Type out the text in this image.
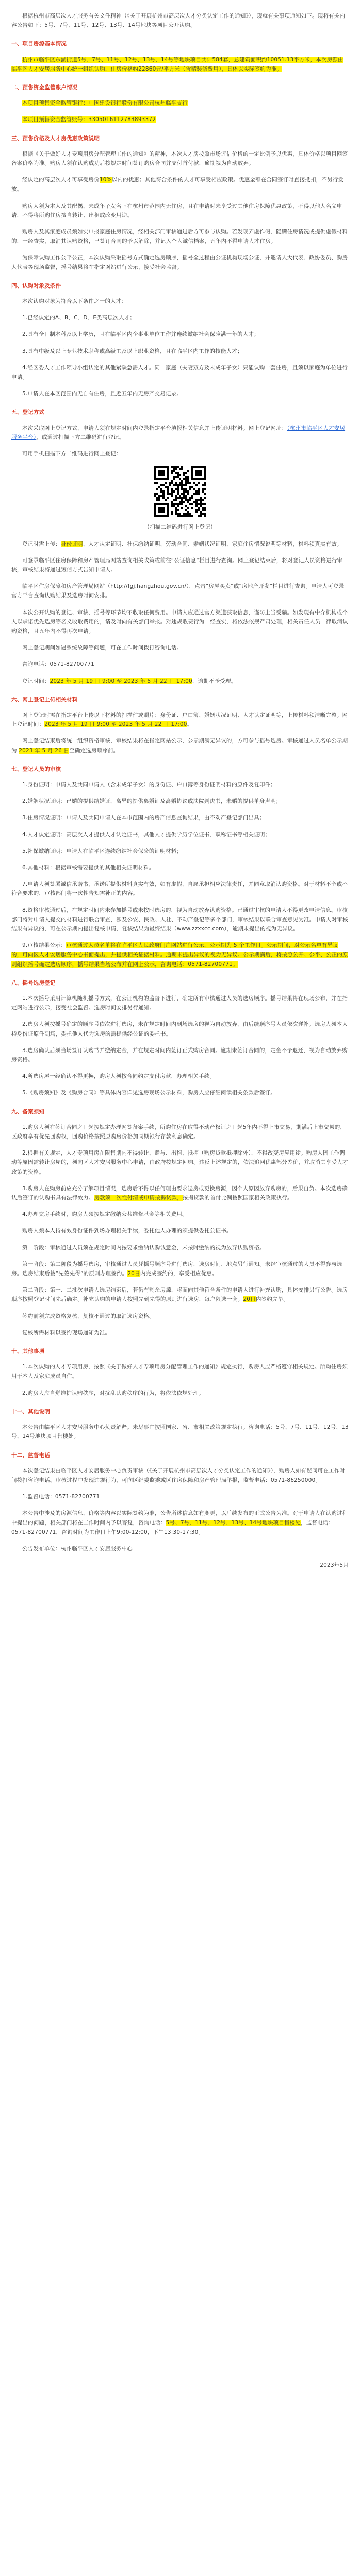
根据杭州市高层次人才服务有关文件精神（《关于开展杭州市高层次人才分类认定工作的通知》），现就有关事项通知如下。现将有关内容公告如下：5号、7号、11号、12号、13号、14号地块等项目公开认购。

一、项目房源基本情况

杭州市临平区东湖街道5号、7号、11号、12号、13号、14号等地块项目共计584套，总建筑面积约10051.13平方米，本次房源由临平区人才安居服务中心统一组织认购，住房价格约22860元/平方米（含精装修费用），具体以实际签约为准。

二、预售资金监管账户情况

本项目预售资金监管银行：中国建设银行股份有限公司杭州临平支行

本项目预售资金监管账号：3305016112783893372

三、预售价格及人才房优惠政策说明

根据《关于做好人才专项用房分配管理工作的通知》的精神，本次人才房按照市场评估价格的一定比例予以优惠，具体价格以项目网签备案价格为准。购房人须在认购成功后按规定时间签订购房合同并支付首付款，逾期视为自动放弃。

经认定的高层次人才可享受房价10%以内的优惠；其他符合条件的人才可享受相应政策。优惠金额在合同签订时直接抵扣，不另行发放。

购房人须为本人及其配偶、未成年子女名下在杭州市范围内无住房，且在申请时未享受过其他住房保障优惠政策，不得以他人名义申请，不得将所购住房擅自转让、出租或改变用途。

购房人及其家庭成员须如实申报家庭住房情况，经相关部门审核通过后方可参与认购。若发现弄虚作假、隐瞒住房情况或提供虚假材料的，一经查实，取消其认购资格，已签订合同的予以解除，并记入个人诚信档案，五年内不得申请人才住房。

为保障认购工作公平公正，本次认购采取摇号方式确定选房顺序，摇号全过程由公证机构现场公证，并邀请人大代表、政协委员、购房人代表等现场监督，摇号结果将在指定网站进行公示，接受社会监督。

四、认购对象及条件

本次认购对象为符合以下条件之一的人才：

1.已经认定的A、B、C、D、E类高层次人才；

2.具有全日制本科及以上学历，且在临平区内企事业单位工作并连续缴纳社会保险满一年的人才；

3.具有中级及以上专业技术职称或高级工及以上职业资格，且在临平区内工作的技能人才；

4.经区委人才工作领导小组认定的其他紧缺急需人才。同一家庭（夫妻双方及未成年子女）只能认购一套住房，且须以家庭为单位进行申请。

5.申请人在本区范围内无自有住房，且近五年内无房产交易记录。

五、登记方式

本次采取网上登记方式，申请人须在规定时间内登录指定平台填报相关信息并上传证明材料。网上登记网址：（杭州市临平区人才安居服务平台），或通过扫描下方二维码进行登记。

可用手机扫描下方二维码进行网上登记：

（扫描二维码进行网上登记）

登记时需上传：身份证明、人才认定证明、社保缴纳证明、劳动合同、婚姻状况证明、家庭住房情况说明等材料，材料须真实有效。

可登录临平区住房保障和房产管理局网站查询相关政策或前往“公证信息”栏目进行查询。网上登记结束后，将对登记人员资格进行审核，审核结果将通过短信方式告知申请人。

临平区住房保障和房产管理局网站（http://fgj.hangzhou.gov.cn/），点击“房屋买卖”或“房地产开发”栏目进行查询。申请人可登录官方平台查询认购结果及选房时间安排。

本次公开认购的登记、审核、摇号等环节均不收取任何费用。申请人应通过官方渠道获取信息，谨防上当受骗。如发现有中介机构或个人以承诺优先选房等名义收取费用的，请及时向有关部门举报。对违规收费行为一经查实，将依法依规严肃处理，相关责任人员一律取消认购资格，且五年内不得再次申请。

网上登记期间如遇系统故障等问题，可在工作时间拨打咨询电话。

咨询电话：0571-82700771

登记时间：2023 年 5 月 19 日 9:00 至 2023 年 5 月 22 日 17:00，逾期不予受理。

六、网上登记上传相关材料

网上登记时需在指定平台上传以下材料的扫描件或照片：身份证、户口簿、婚姻状况证明、人才认定证明等，上传材料须清晰完整。网上登记时间：2023 年 5 月 19 日 9:00 至 2023 年 5 月 22 日 17:00。

网上登记结束后将统一组织资格审核，审核结果将在指定网站公示，公示期满无异议的，方可参与摇号选房。审核通过人员名单公示期为 2023 年 5 月 26 日至确定选房顺序前。

七、登记人员的审核

1.身份证明：申请人及共同申请人（含未成年子女）的身份证、户口簿等身份证明材料的原件及复印件；

2.婚姻状况证明：已婚的提供结婚证，离异的提供离婚证及离婚协议或法院判决书，未婚的提供单身声明；

3.住房情况证明：申请人及共同申请人在本市范围内的房产信息查询结果，由不动产登记部门出具；

4.人才认定证明：高层次人才提供人才认定证书，其他人才提供学历学位证书、职称证书等相关证明；

5.社保缴纳证明：申请人在临平区连续缴纳社会保险的证明材料；

6.其他材料：根据审核需要提供的其他相关证明材料。

7.申请人须签署诚信承诺书，承诺所提供材料真实有效，如有虚假，自愿承担相应法律责任，并同意取消认购资格。对于材料不全或不符合要求的，审核部门将一次性告知需补正的内容。

8.资格审核通过后，在规定时间内未参加摇号或未按时选房的，视为自动放弃认购资格。已通过审核的申请人不得更改申请信息。审核部门将对申请人提交的材料进行联合审查，涉及公安、民政、人社、不动产登记等多个部门，审核结果以联合审查意见为准。申请人对审核结果有异议的，可在公示期内提出复核申请，复核结果为最终结果（www.zzxxcc.com），逾期未提出的视为无异议。

9.审核结果公示：审核通过人员名单将在临平区人民政府门户网站进行公示，公示期为 5 个工作日。公示期间，对公示名单有异议的，可向区人才安居服务中心书面提出，并提供相关证据材料。逾期未提出异议的视为无异议。公示期满后，将按照公开、公平、公正的原则组织摇号确定选房顺序，摇号结果当场公布并在网上公示，咨询电话：0571-82700771。

八、摇号选房登记

1.本次摇号采用计算机随机摇号方式，在公证机构的监督下进行，确定所有审核通过人员的选房顺序。摇号结果将在现场公布，并在指定网站进行公示，接受社会监督。选房时间安排另行通知。

2.选房人须按摇号确定的顺序号依次进行选房，未在规定时间内到场选房的视为自动放弃，由后续顺序号人员依次递补。选房人须本人持身份证原件到场，委托他人代为选房的需提供经公证的委托书。

3.选房确认后须当场签订认购书并缴纳定金，并在规定时间内签订正式购房合同。逾期未签订合同的，定金不予退还，视为自动放弃购房资格。

4.所选房屋一经确认不得更换，购房人须按合同约定支付房款，办理相关手续。

5.《购房须知》及《购房合同》等具体内容详见选房现场公示材料，购房人应仔细阅读相关条款后签订。

九、备案须知

1.购房人须在签订合同之日起按规定办理网签备案手续，所购住房在取得不动产权证之日起5年内不得上市交易，期满后上市交易的，区政府享有优先回购权，回购价格按照原购房价格加同期银行存款利息确定。

2.根据有关规定，人才专项用房在限售期内不得转让、赠与、出租、抵押（购房贷款抵押除外），不得改变房屋用途。购房人因工作调动等原因需转让房屋的，须向区人才安居服务中心申请，由政府按规定回购。违反上述规定的，依法追回优惠部分差价，并取消其享受人才政策的资格。

3.购房人在购房前应充分了解项目情况，选房后不得以任何理由要求退房或更换房源，因个人原因放弃购房的，后果自负。本次选房确认后签订的认购书具有法律效力。房款须一次性付清或申请按揭贷款，按揭贷款的首付比例按照国家相关政策执行。

4.办理交房手续时，购房人须按规定缴纳公共维修基金等相关费用。

购房人须本人持有效身份证件到场办理相关手续，委托他人办理的须提供委托公证书。

第一阶段：审核通过人员须在规定时间内按要求缴纳认购诚意金，未按时缴纳的视为放弃认购资格。

第一阶段：第二阶段为摇号选房，审核通过人员凭摇号顺序号进行选房，选房时间、地点另行通知。未经审核通过的人员不得参与选房。选房结束后按“先签先得”的原则办理签约。20日内完成签约的，享受相应优惠。

第二阶段：第一、二批次申请人选房结束后，若仍有剩余房源，将面向其他符合条件的申请人进行补充认购，具体安排另行公告。选房顺序按照登记时间先后确定。补充认购的申请人按照先到先得的原则进行选房，每户限选一套。20日内签约完毕。

签约前须完成资格复核，复核不通过的取消选房资格。

复核所需材料以签约现场通知为准。

十、其他事项

1.本次认购的人才专项用房，按照《关于做好人才专项用房分配管理工作的通知》规定执行，购房人应严格遵守相关规定。所购住房须用于本人及家庭成员自住。

2.购房人应自觉维护认购秩序，对扰乱认购秩序的行为，将依法依规处理。

十一、其他说明

本公告由临平区人才安居服务中心负责解释。未尽事宜按照国家、省、市相关政策规定执行。咨询电话：5号、7号、11号、12号、13号、14号地块项目售楼处。

十二、监督电话

本次登记结果由临平区人才安居服务中心负责审核（《关于开展杭州市高层次人才分类认定工作的通知》），购房人如有疑问可在工作时间拨打咨询电话。审核过程中发现违规行为，可向区纪委监委或区住房保障和房产管理局举报，监督电话：0571-86250000。

1.监督电话：0571-82700771

本公告中涉及的房源信息、价格等内容以实际签约为准，公告所述信息如有变更，以后续发布的正式公告为准。对于申请人在认购过程中提出的问题，相关部门将在工作时间内予以答复，咨询电话：5号、7号、11号、12号、13号、14号地块项目售楼处，监督电话：0571-82700771，咨询时间为工作日上午9:00-12:00，下午13:30-17:30。

公告发布单位：杭州临平区人才安居服务中心

2023年5月
